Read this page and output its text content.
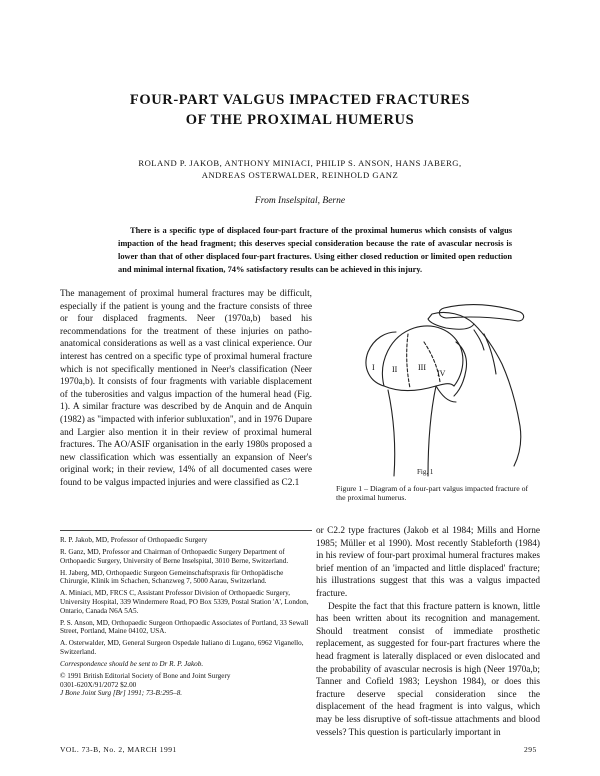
FOUR-PART VALGUS IMPACTED FRACTURES
OF THE PROXIMAL HUMERUS
ROLAND P. JAKOB, ANTHONY MINIACI, PHILIP S. ANSON, HANS JABERG,
ANDREAS OSTERWALDER, REINHOLD GANZ
From Inselspital, Berne
There is a specific type of displaced four-part fracture of the proximal humerus which consists of valgus impaction of the head fragment; this deserves special consideration because the rate of avascular necrosis is lower than that of other displaced four-part fractures. Using either closed reduction or limited open reduction and minimal internal fixation, 74% satisfactory results can be achieved in this injury.

The management of proximal humeral fractures may be difficult, especially if the patient is young and the fracture consists of three or four displaced fragments. Neer (1970a,b) based his recommendations for the treatment of these injuries on patho-anatomical considerations as well as a vast clinical experience. Our interest has centred on a specific type of proximal humeral fracture which is not specifically mentioned in Neer's classification (Neer 1970a,b). It consists of four fragments with variable displacement of the tuberosities and valgus impaction of the humeral head (Fig. 1). A similar fracture was described by de Anquin and de Anquin (1982) as "impacted with inferior subluxation", and in 1976 Dupare and Largier also mention it in their review of proximal humeral fractures. The AO/ASIF organisation in the early 1980s proposed a new classification which was essentially an expansion of Neer's original work; in their review, 14% of all documented cases were found to be valgus impacted injuries and were classified as C2.1

I II	III
IV
Fig. 1
Figure 1 – Diagram of a four-part valgus impacted fracture of the proximal humerus.

or C2.2 type fractures (Jakob et al 1984; Mills and Horne 1985; Müller et al 1990). Most recently Stableforth (1984) in his review of four-part proximal humeral fractures makes brief mention of an 'impacted and little displaced' fracture; his illustrations suggest that this was a valgus impacted fracture.

Despite the fact that this fracture pattern is known, little has been written about its recognition and management. Should treatment consist of immediate prosthetic replacement, as suggested for four-part fractures where the head fragment is laterally displaced or even dislocated and the probability of avascular necrosis is high (Neer 1970a,b; Tanner and Cofield 1983; Leyshon 1984), or does this fracture deserve special consideration since the displacement of the head fragment is into valgus, which may be less disruptive of soft-tissue attachments and blood vessels? This question is particularly important in

R. P. Jakob, MD, Professor of Orthopaedic Surgery
R. Ganz, MD, Professor and Chairman of Orthopaedic Surgery Department of Orthopaedic Surgery, University of Berne Inselspital, 3010 Berne, Switzerland.
H. Jaberg, MD, Orthopaedic Surgeon Gemeinschaftspraxis für Orthopädische Chirurgie, Klinik im Schachen, Schanzweg 7, 5000 Aarau, Switzerland.
A. Miniaci, MD, FRCS C, Assistant Professor Division of Orthopaedic Surgery, University Hospital, 339 Windermere Road, PO Box 5339, Postal Station 'A', London, Ontario, Canada N6A 5A5.
P. S. Anson, MD, Orthopaedic Surgeon Orthopaedic Associates of Portland, 33 Sewall Street, Portland, Maine 04102, USA.
A. Osterwalder, MD, General Surgeon Ospedale Italiano di Lugano, 6962 Viganello, Switzerland.
Correspondence should be sent to Dr R. P. Jakob.
© 1991 British Editorial Society of Bone and Joint Surgery
0301-620X/91/2072 $2.00
J Bone Joint Surg [Br] 1991; 73-B:295–8.
VOL. 73-B, No. 2, MARCH 1991	295
